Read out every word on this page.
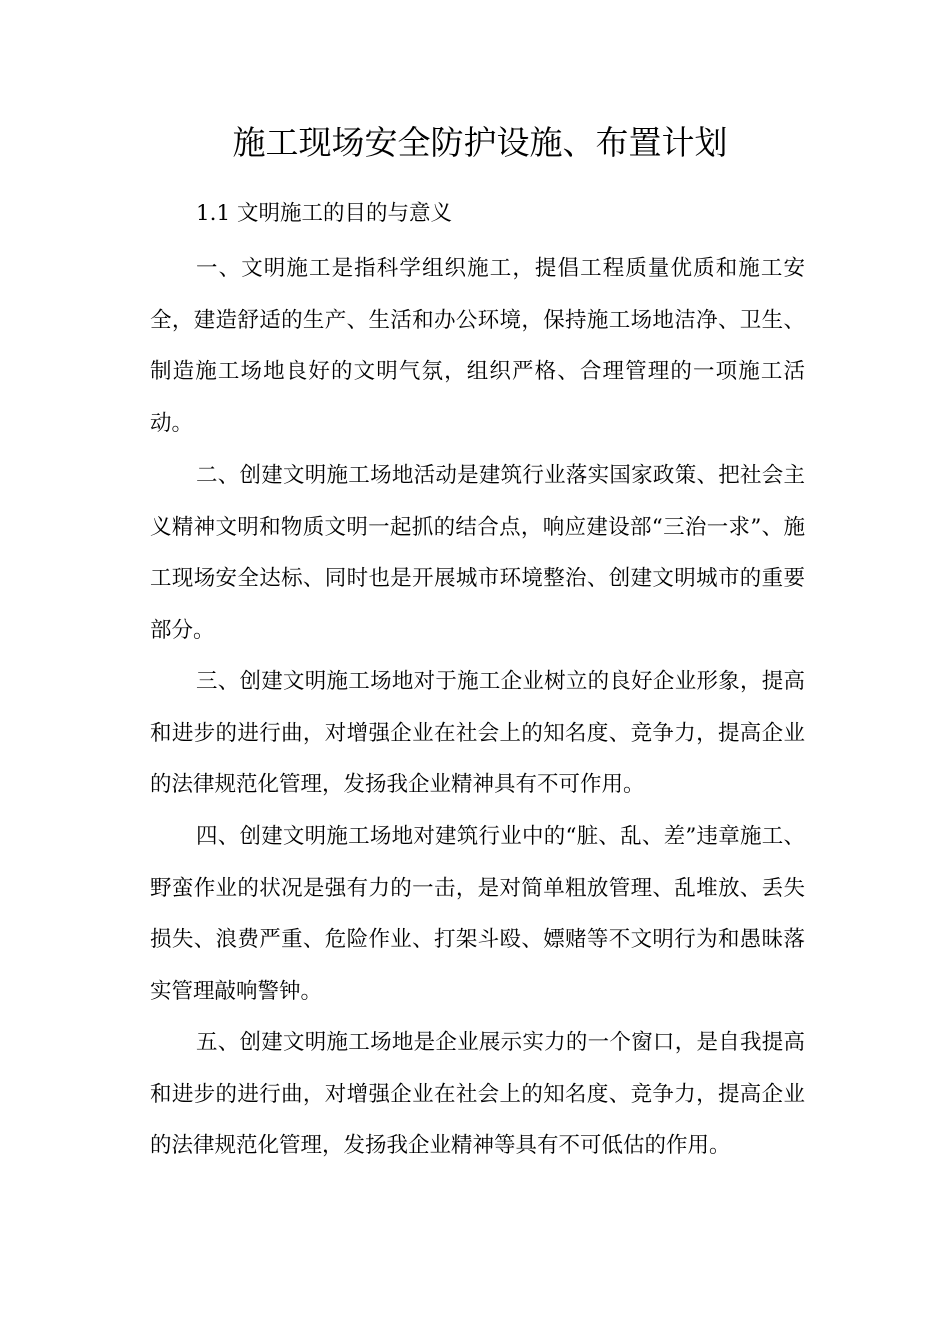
施工现场安全防护设施、布置计划
1.1 文明施工的目的与意义

一、文明施工是指科学组织施工，提倡工程质量优质和施工安全，建造舒适的生产、生活和办公环境，保持施工场地洁净、卫生、制造施工场地良好的文明气氛，组织严格、合理管理的一项施工活动。

二、创建文明施工场地活动是建筑行业落实国家政策、把社会主义精神文明和物质文明一起抓的结合点，响应建设部“三治一求”、施工现场安全达标、同时也是开展城市环境整治、创建文明城市的重要部分。

三、创建文明施工场地对于施工企业树立的良好企业形象，提高和进步的进行曲，对增强企业在社会上的知名度、竞争力，提高企业的法律规范化管理，发扬我企业精神具有不可作用。

四、创建文明施工场地对建筑行业中的“脏、乱、差”违章施工、野蛮作业的状况是强有力的一击，是对简单粗放管理、乱堆放、丢失损失、浪费严重、危险作业、打架斗殴、嫖赌等不文明行为和愚昧落实管理敲响警钟。

五、创建文明施工场地是企业展示实力的一个窗口，是自我提高和进步的进行曲，对增强企业在社会上的知名度、竞争力，提高企业的法律规范化管理，发扬我企业精神等具有不可低估的作用。
